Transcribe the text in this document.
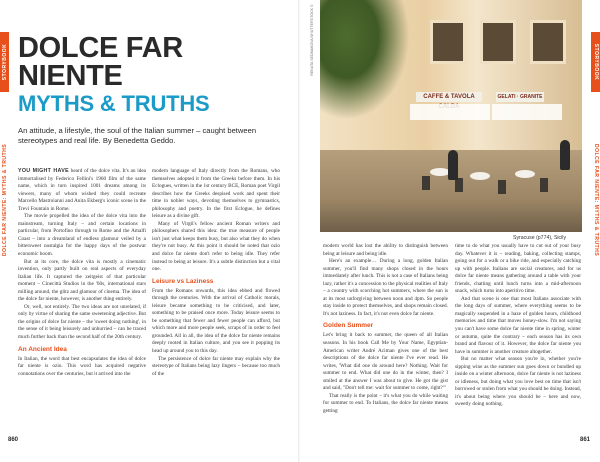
STORYBOOK
DOLCE FAR NIENTE: MYTHS & TRUTHS
DOLCE FAR
NIENTE
MYTHS & TRUTHS
An attitude, a lifestyle, the soul of the Italian summer – caught between stereotypes and real life. By Benedetta Geddo.

YOU MIGHT HAVE heard of the dolce vita. It's an idea immortalised by Federico Fellini's 1960 film of the same name, which in turn inspired 1001 dreams among its viewers, many of whom wished they could recreate Marcello Mastroianni and Anita Ekberg's iconic scene in the Trevi Fountain in Rome.

The movie propelled the idea of the dolce vita into the mainstream, turning Italy – and certain locations in particular, from Portofino through to Rome and the Amalfi Coast – into a dreamland of endless glamour veiled by a bittersweet nostalgia for the happy days of the postwar economic boom.

But at its core, the dolce vita is mostly a cinematic invention, only partly built on real aspects of everyday Italian life. It captured the zeitgeist of that particular moment – Cinecittà Studios in the '60s, international stars milling around, the glitz and glamour of cinema. The idea of the dolce far niente, however, is another thing entirely.

Or, well, not entirely. The two ideas are not unrelated, if only by virtue of sharing the same sweetening adjective. But the origins of dolce far niente – the 'sweet doing nothing', in the sense of it being leisurely and unhurried – can be traced much further back than the second half of the 20th century.

An Ancient Idea

In Italian, the word that best encapsulates the idea of dolce far niente is ozio. This word has acquired negative connotations over the centuries, but it arrived into the

modern language of Italy directly from the Romans, who themselves adopted it from the Greeks before them. In his Eclogues, written in the 1st century BCE, Roman poet Virgil describes how the Greeks despised work and spent their time in nobler ways, devoting themselves to gymnastics, philosophy and poetry. In the first Eclogue, he defines leisure as a divine gift.

Many of Virgil's fellow ancient Roman writers and philosophers shared this idea: the true measure of people isn't just what keeps them busy, but also what they do when they're not busy. At this point it should be noted that ozio and dolce far niente don't refer to being idle. They refer instead to being at leisure. It's a subtle distinction but a vital one.

Leisure vs Laziness

From the Romans onwards, this idea ebbed and flowed through the centuries. With the arrival of Catholic morals, leisure became something to be criticised, and later, something to be praised once more. Today leisure seems to be something that fewer and fewer people can afford, but which more and more people seek, scraps of in order to feel grounded. All in all, the idea of the dolce far niente remains deeply rooted in Italian culture, and you see it popping its head up around you to this day.

The persistence of dolce far niente may explain why the stereotype of Italians being lazy lingers – because too much of the

860
RENATA SEDMAKOVA/SHUTTERSTOCK ©
CAFFE & TAVOLA	GELATI · GRANITE
Syracuse (p774), Sicily
STORYBOOK
DOLCE FAR NIENTE: MYTHS & TRUTHS

modern world has lost the ability to distinguish between being at leisure and being idle.

Here's an example… During a long, golden Italian summer, you'll find many shops closed in the hours immediately after lunch. This is not a case of Italians being lazy, rather it's a concession to the physical realities of Italy – a country with scorching hot summers, where the sun is at its most unforgiving between noon and 4pm. So people stay inside to protect themselves, and shops remain closed. It's not laziness. In fact, it's not even dolce far niente.

Golden Summer

Let's bring it back to summer, the queen of all Italian seasons. In his book Call Me by Your Name, Egyptian-American writer André Aciman gives one of the best descriptions of the dolce far niente I've ever read. He writes, 'What did one do around here? Nothing. Wait for summer to end. What did one do in the winter, then? I smiled at the answer I was about to give. He got the gist and said, "Don't tell me: wait for summer to come, right?"'

That really is the point – it's what you do while waiting for summer to end. To Italians, the dolce far niente means getting

time to do what you usually have to cut out of your busy day. Whatever it is – reading, baking, collecting stamps, going out for a walk or a bike ride, and especially catching up with people. Italians are social creatures, and for us dolce far niente means gathering around a table with your friends, chatting until lunch turns into a mid-afternoon snack, which turns into aperitivo time.

And that scene is one that most Italians associate with the long days of summer, where everything seems to be magically suspended in a haze of golden hours, childhood memories and time that moves honey-slow. I'm not saying you can't have some dolce far niente time in spring, winter or autumn, quite the contrary – each season has its own brand and flavour of it. However, the dolce far niente you have in summer is another creature altogether.

But no matter what season you're in, whether you're sipping wine as the summer sun goes down or bundled up inside on a winter afternoon, dolce far niente is not laziness or idleness, but doing what you love best on time that isn't borrowed or stolen from what you should be doing. Instead, it's about being where you should be – here and now, sweetly doing nothing.

861
